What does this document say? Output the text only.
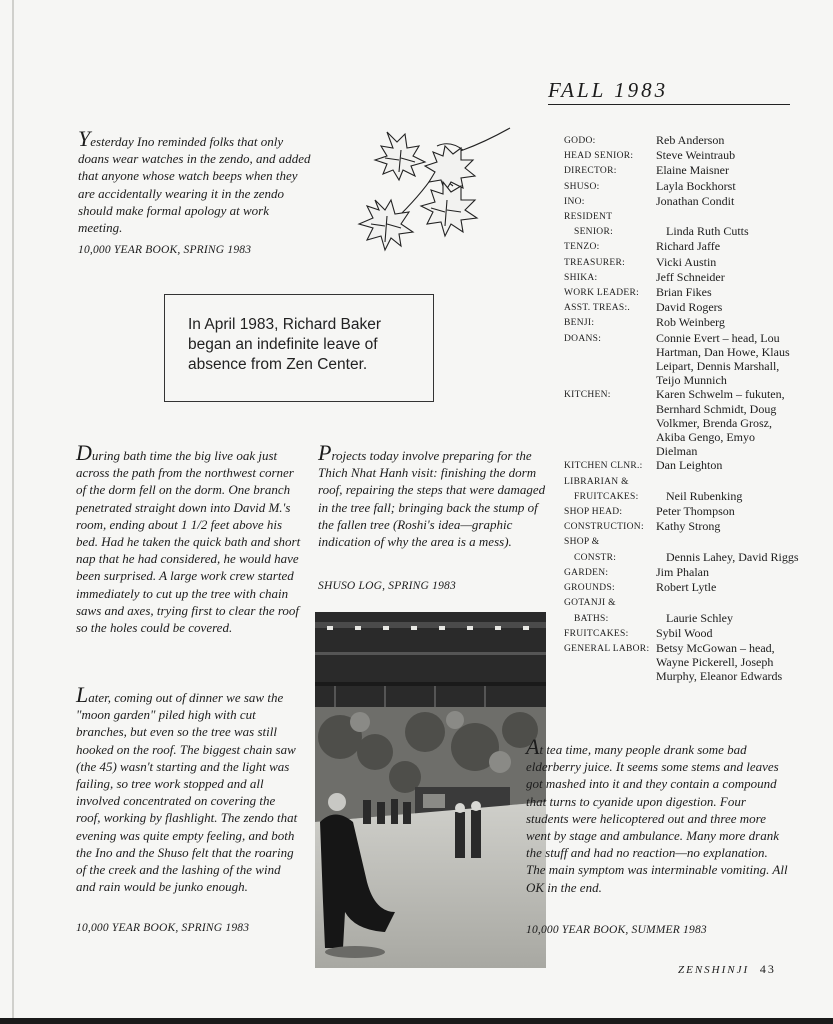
FALL 1983
Yesterday Ino reminded folks that only doans wear watches in the zendo, and added that anyone whose watch beeps when they are accidentally wearing it in the zendo should make formal apology at work meeting.
10,000 YEAR BOOK, SPRING 1983
In April 1983, Richard Baker began an indefinite leave of absence from Zen Center.
GODO:	Reb Anderson
HEAD SENIOR:	Steve Weintraub
DIRECTOR:	Elaine Maisner
SHUSO:	Layla Bockhorst
INO:	Jonathan Condit
RESIDENT
SENIOR:	Linda Ruth Cutts
TENZO:	Richard Jaffe
TREASURER:	Vicki Austin
SHIKA:	Jeff Schneider
WORK LEADER:	Brian Fikes
ASST. TREAS:.	David Rogers
BENJI:	Rob Weinberg
DOANS:	Connie Evert – head, Lou Hartman, Dan Howe, Klaus Leipart, Dennis Marshall, Teijo Munnich
KITCHEN:	Karen Schwelm – fukuten, Bernhard Schmidt, Doug Volkmer, Brenda Grosz, Akiba Gengo, Emyo Dielman
KITCHEN CLNR.:	Dan Leighton
LIBRARIAN &
FRUITCAKES:	Neil Rubenking
SHOP HEAD:	Peter Thompson
CONSTRUCTION:	Kathy Strong
SHOP &
CONSTR:	Dennis Lahey, David Riggs
GARDEN:	Jim Phalan
GROUNDS:	Robert Lytle
GOTANJI &
BATHS:	Laurie Schley
FRUITCAKES:	Sybil Wood
GENERAL LABOR: Betsy McGowan – head, Wayne Pickerell, Joseph Murphy, Eleanor Edwards
During bath time the big live oak just across the path from the northwest corner of the dorm fell on the dorm. One branch penetrated straight down into David M.'s room, ending about 1 1/2 feet above his bed. Had he taken the quick bath and short nap that he had considered, he would have been surprised. A large work crew started immediately to cut up the tree with chain saws and axes, trying first to clear the roof so the holes could be covered.
Later, coming out of dinner we saw the "moon garden" piled high with cut branches, but even so the tree was still hooked on the roof. The biggest chain saw (the 45) wasn't starting and the light was failing, so tree work stopped and all involved concentrated on covering the roof, working by flashlight. The zendo that evening was quite empty feeling, and both the Ino and the Shuso felt that the roaring of the creek and the lashing of the wind and rain would be junko enough.
10,000 YEAR BOOK, SPRING 1983
Projects today involve preparing for the Thich Nhat Hanh visit: finishing the dorm roof, repairing the steps that were damaged in the tree fall; bringing back the stump of the fallen tree (Roshi's idea—graphic indication of why the area is a mess).
SHUSO LOG, SPRING 1983
At tea time, many people drank some bad elderberry juice. It seems some stems and leaves got mashed into it and they contain a compound that turns to cyanide upon digestion. Four students were helicoptered out and three more went by stage and ambulance. Many more drank the stuff and had no reaction—no explanation. The main symptom was interminable vomiting. All OK in the end.
10,000 YEAR BOOK, SUMMER 1983
ZENSHINJI 43
